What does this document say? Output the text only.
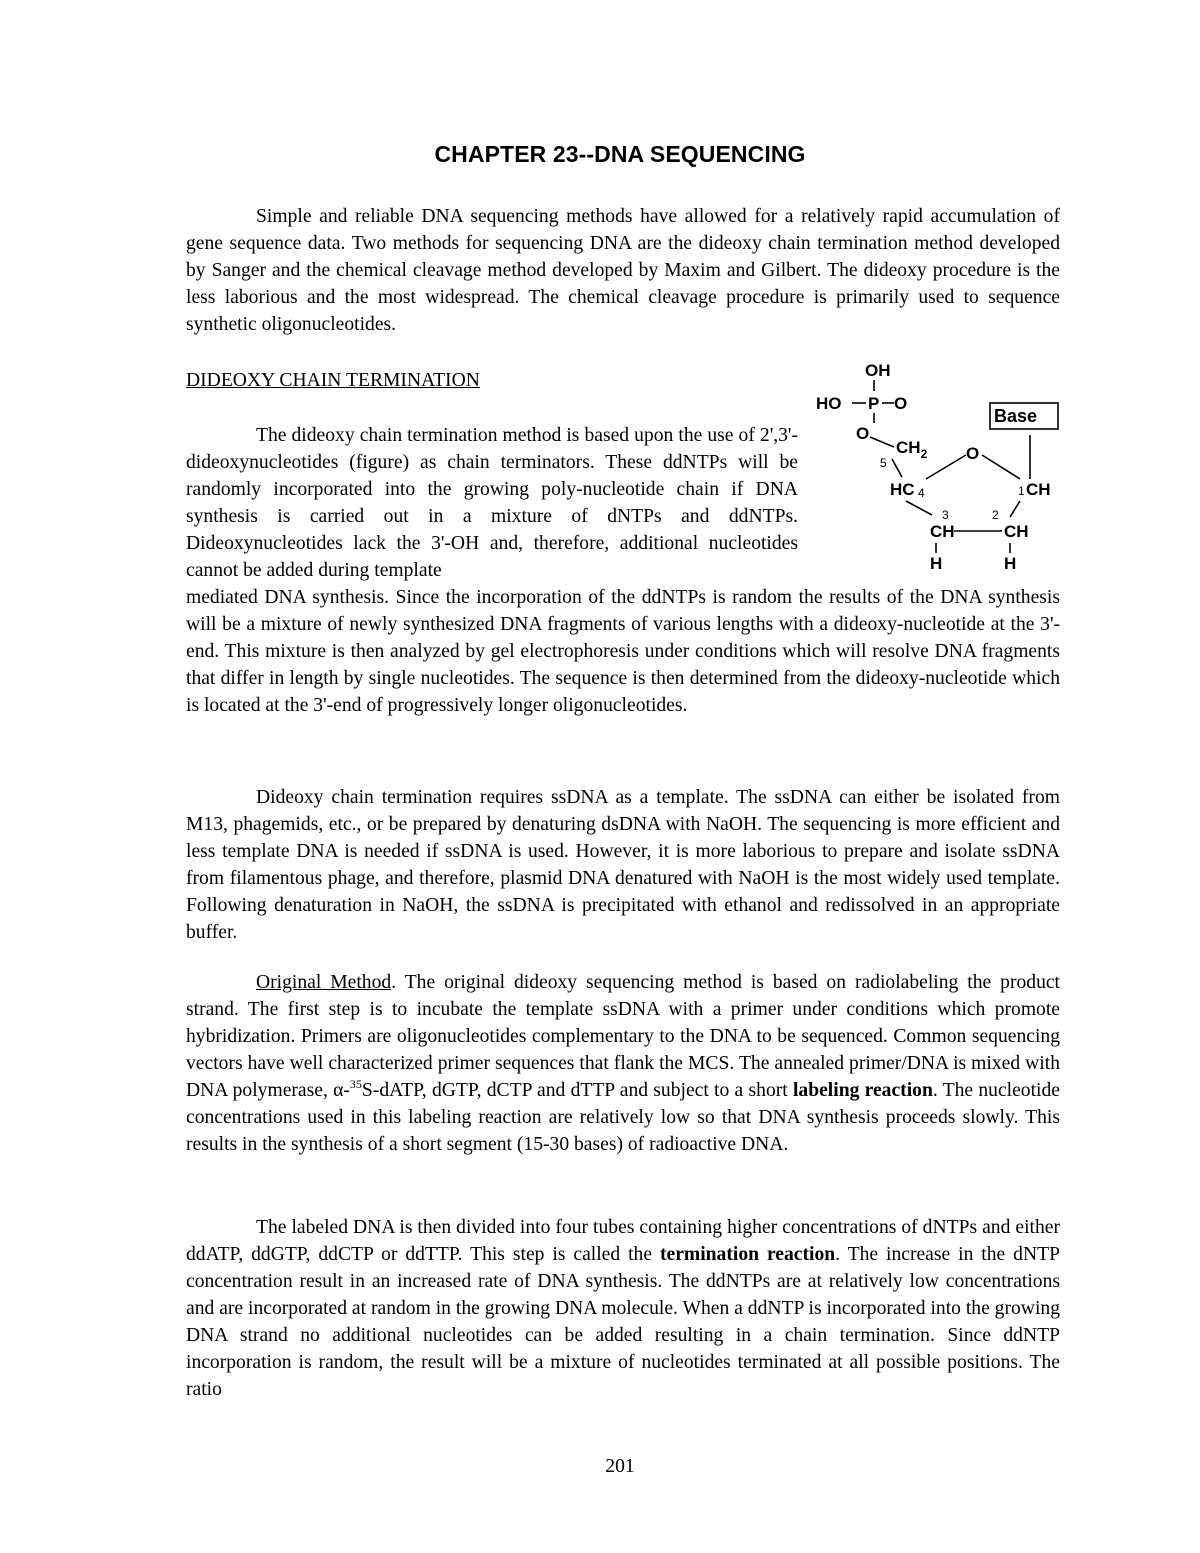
CHAPTER 23--DNA SEQUENCING

Simple and reliable DNA sequencing methods have allowed for a relatively rapid accumulation of gene sequence data. Two methods for sequencing DNA are the dideoxy chain termination method developed by Sanger and the chemical cleavage method developed by Maxim and Gilbert. The dideoxy procedure is the less laborious and the most widespread. The chemical cleavage procedure is primarily used to sequence synthetic oligonucleotides.

DIDEOXY CHAIN TERMINATION

The dideoxy chain termination method is based upon the use of 2',3'-dideoxynucleotides (figure) as chain terminators. These ddNTPs will be randomly incorporated into the growing poly-nucleotide chain if DNA synthesis is carried out in a mixture of dNTPs and ddNTPs. Dideoxynucleotides lack the 3'-OH and, therefore, additional nucleotides cannot be added during template

mediated DNA synthesis. Since the incorporation of the ddNTPs is random the results of the DNA synthesis will be a mixture of newly synthesized DNA fragments of various lengths with a dideoxy-nucleotide at the 3'-end. This mixture is then analyzed by gel electrophoresis under conditions which will resolve DNA fragments that differ in length by single nucleotides. The sequence is then determined from the dideoxy-nucleotide which is located at the 3'-end of progressively longer oligonucleotides.

Dideoxy chain termination requires ssDNA as a template. The ssDNA can either be isolated from M13, phagemids, etc., or be prepared by denaturing dsDNA with NaOH. The sequencing is more efficient and less template DNA is needed if ssDNA is used. However, it is more laborious to prepare and isolate ssDNA from filamentous phage, and therefore, plasmid DNA denatured with NaOH is the most widely used template. Following denaturation in NaOH, the ssDNA is precipitated with ethanol and redissolved in an appropriate buffer.

Original Method. The original dideoxy sequencing method is based on radiolabeling the product strand. The first step is to incubate the template ssDNA with a primer under conditions which promote hybridization. Primers are oligonucleotides complementary to the DNA to be sequenced. Common sequencing vectors have well characterized primer sequences that flank the MCS. The annealed primer/DNA is mixed with DNA polymerase, α-$^{35}$S-dATP, dGTP, dCTP and dTTP and subject to a short labeling reaction. The nucleotide concentrations used in this labeling reaction are relatively low so that DNA synthesis proceeds slowly. This results in the synthesis of a short segment (15-30 bases) of radioactive DNA.

The labeled DNA is then divided into four tubes containing higher concentrations of dNTPs and either ddATP, ddGTP, ddCTP or ddTTP. This step is called the termination reaction. The increase in the dNTP concentration result in an increased rate of DNA synthesis. The ddNTPs are at relatively low concentrations and are incorporated at random in the growing DNA molecule. When a ddNTP is incorporated into the growing DNA strand no additional nucleotides can be added resulting in a chain termination. Since ddNTP incorporation is random, the result will be a mixture of nucleotides terminated at all possible positions. The ratio

OH
HO P O
O
$CH_2$ O
Base
5
HC 4	1 CH
3	2
CH	CH
H	H
201
